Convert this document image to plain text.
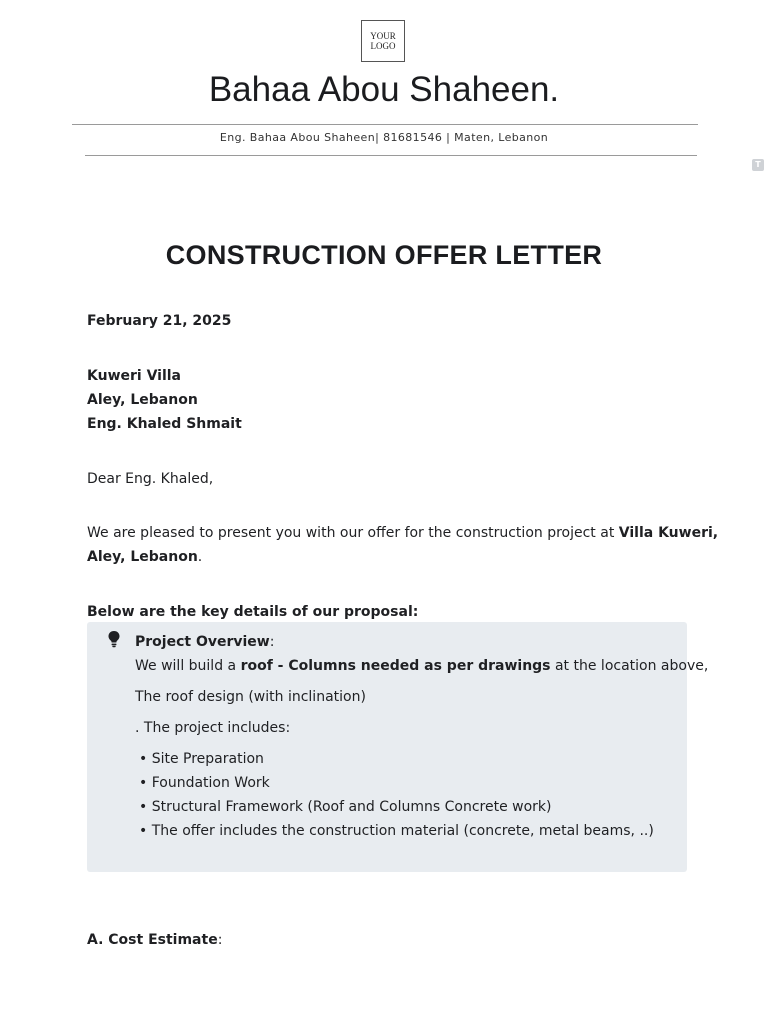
YOUR
LOGO
Bahaa Abou Shaheen.
Eng. Bahaa Abou Shaheen| 81681546 | Maten, Lebanon
T
CONSTRUCTION OFFER LETTER
February 21, 2025
Kuweri Villa
Aley, Lebanon
Eng. Khaled Shmait
Dear Eng. Khaled,
We are pleased to present you with our offer for the construction project at Villa Kuweri,
Aley, Lebanon.
Below are the key details of our proposal:
Project Overview:
We will build a roof - Columns needed as per drawings at the location above,
The roof design (with inclination)
. The project includes:
• Site Preparation
• Foundation Work
• Structural Framework (Roof and Columns Concrete work)
• The offer includes the construction material (concrete, metal beams, ..)
A. Cost Estimate:
